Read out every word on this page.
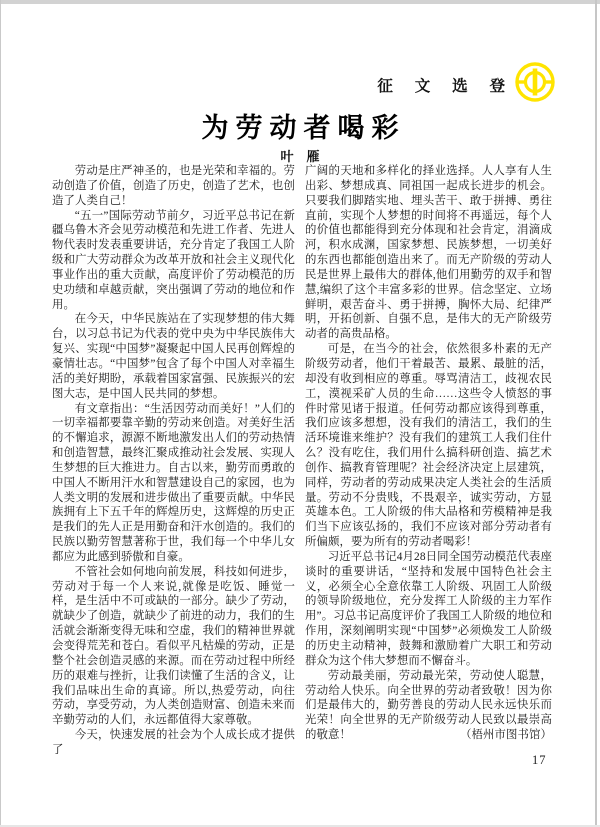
征 文 选 登
为劳动者喝彩
叶　雁

劳动是庄严神圣的，也是光荣和幸福的。劳动创造了价值，创造了历史，创造了艺术，也创造了人类自己！

“五一”国际劳动节前夕，习近平总书记在新疆乌鲁木齐会见劳动模范和先进工作者、先进人物代表时发表重要讲话，充分肯定了我国工人阶级和广大劳动群众为改革开放和社会主义现代化事业作出的重大贡献，高度评价了劳动模范的历史功绩和卓越贡献，突出强调了劳动的地位和作用。

在今天，中华民族站在了实现梦想的伟大舞台，以习总书记为代表的党中央为中华民族伟大复兴、实现“中国梦”凝聚起中国人民再创辉煌的豪情壮志。“中国梦”包含了每个中国人对幸福生活的美好期盼，承载着国家富强、民族振兴的宏图大志，是中国人民共同的梦想。

有文章指出：“生活因劳动而美好！”人们的一切幸福都要靠辛勤的劳动来创造。对美好生活的不懈追求，源源不断地激发出人们的劳动热情和创造智慧，最终汇聚成推动社会发展、实现人生梦想的巨大推进力。自古以来，勤劳而勇敢的中国人不断用汗水和智慧建设自己的家园，也为人类文明的发展和进步做出了重要贡献。中华民族拥有上下五千年的辉煌历史，这辉煌的历史正是我们的先人正是用勤奋和汗水创造的。我们的民族以勤劳智慧著称于世，我们每一个中华儿女都应为此感到骄傲和自豪。

不管社会如何地向前发展，科技如何进步，劳动对于每一个人来说,就像是吃饭、睡觉一样，是生活中不可或缺的一部分。缺少了劳动，就缺少了创造，就缺少了前进的动力，我们的生活就会渐渐变得无味和空虚，我们的精神世界就会变得荒芜和苍白。看似平凡枯燥的劳动，正是整个社会创造灵感的来源。而在劳动过程中所经历的艰难与挫折，让我们读懂了生活的含义，让我们品味出生命的真谛。所以,热爱劳动，向往劳动，享受劳动，为人类创造财富、创造未来而辛勤劳动的人们，永远都值得大家尊敬。

今天，快速发展的社会为个人成长成才提供了

广阔的天地和多样化的择业选择。人人享有人生出彩、梦想成真、同祖国一起成长进步的机会。只要我们脚踏实地、埋头苦干、敢于拼搏、勇往直前，实现个人梦想的时间将不再遥远，每个人的价值也都能得到充分体现和社会肯定，涓滴成河，积水成渊，国家梦想、民族梦想，一切美好的东西也都能创造出来了。而无产阶级的劳动人民是世界上最伟大的群体,他们用勤劳的双手和智慧,编织了这个丰富多彩的世界。信念坚定、立场鲜明，艰苦奋斗、勇于拼搏，胸怀大局、纪律严明，开拓创新、自强不息，是伟大的无产阶级劳动者的高贵品格。

可是，在当今的社会，依然很多朴素的无产阶级劳动者，他们干着最苦、最累、最脏的活，却没有收到相应的尊重。辱骂清洁工，歧视农民工，漠视采矿人员的生命……这些令人愤怒的事件时常见诸于报道。任何劳动都应该得到尊重，我们应该多想想，没有我们的清洁工，我们的生活环境谁来维护？没有我们的建筑工人我们住什么？没有吃住，我们用什么搞科研创造、搞艺术创作、搞教育管理呢？社会经济决定上层建筑，同样，劳动者的劳动成果决定人类社会的生活质量。劳动不分贵贱，不畏艰辛，诚实劳动，方显英雄本色。工人阶级的伟大品格和劳模精神是我们当下应该弘扬的，我们不应该对部分劳动者有所偏颇，要为所有的劳动者喝彩！

习近平总书记4月28日同全国劳动模范代表座谈时的重要讲话，“坚持和发展中国特色社会主义，必须全心全意依靠工人阶级、巩固工人阶级的领导阶级地位，充分发挥工人阶级的主力军作用”。习总书记高度评价了我国工人阶级的地位和作用，深刻阐明实现“中国梦”必须焕发工人阶级的历史主动精神，鼓舞和激励着广大职工和劳动群众为这个伟大梦想而不懈奋斗。

劳动最美丽，劳动最光荣，劳动使人聪慧，劳动给人快乐。向全世界的劳动者致敬！因为你们是最伟大的，勤劳善良的劳动人民永远快乐而光荣！向全世界的无产阶级劳动人民致以最崇高的敬意！	（梧州市图书馆）

17
